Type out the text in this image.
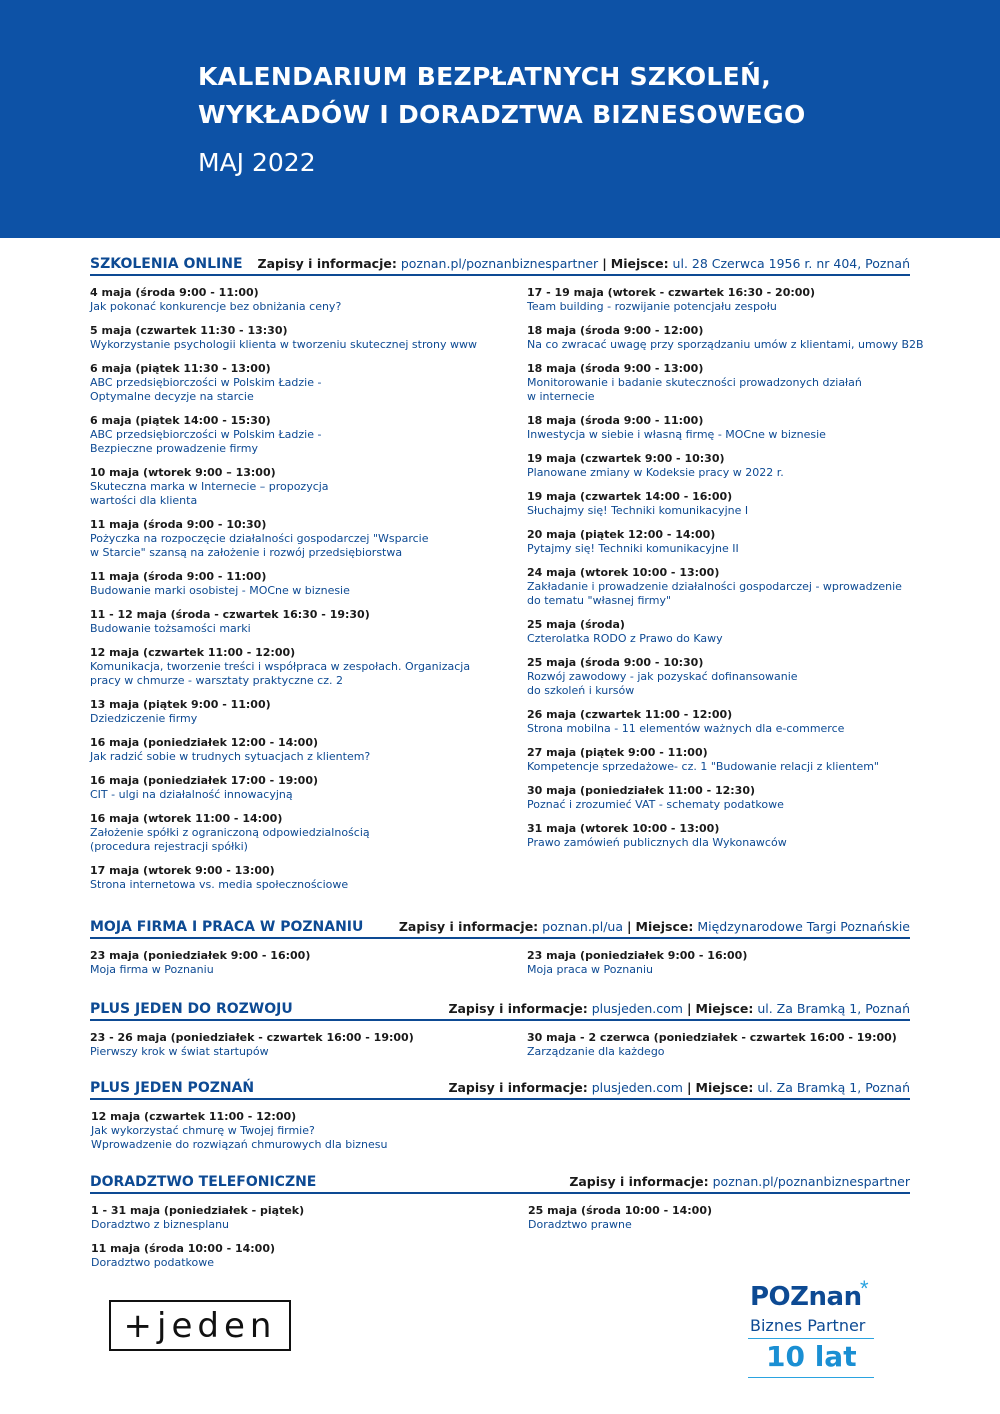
KALENDARIUM BEZPŁATNYCH SZKOLEŃ,
WYKŁADÓW I DORADZTWA BIZNESOWEGO
MAJ 2022
SZKOLENIA ONLINE Zapisy i informacje: poznan.pl/poznanbiznespartner | Miejsce: ul. 28 Czerwca 1956 r. nr 404, Poznań
4 maja (środa 9:00 - 11:00)
Jak pokonać konkurencje bez obniżania ceny?
5 maja (czwartek 11:30 - 13:30)
Wykorzystanie psychologii klienta w tworzeniu skutecznej strony www
6 maja (piątek 11:30 - 13:00)
ABC przedsiębiorczości w Polskim Ładzie -
Optymalne decyzje na starcie
6 maja (piątek 14:00 - 15:30)
ABC przedsiębiorczości w Polskim Ładzie -
Bezpieczne prowadzenie firmy
10 maja (wtorek 9:00 – 13:00)
Skuteczna marka w Internecie – propozycja
wartości dla klienta
11 maja (środa 9:00 - 10:30)
Pożyczka na rozpoczęcie działalności gospodarczej "Wsparcie
w Starcie" szansą na założenie i rozwój przedsiębiorstwa
11 maja (środa 9:00 - 11:00)
Budowanie marki osobistej - MOCne w biznesie
11 - 12 maja (środa - czwartek 16:30 - 19:30)
Budowanie tożsamości marki
12 maja (czwartek 11:00 - 12:00)
Komunikacja, tworzenie treści i współpraca w zespołach. Organizacja
pracy w chmurze - warsztaty praktyczne cz. 2
13 maja (piątek 9:00 - 11:00)
Dziedziczenie firmy
16 maja (poniedziałek 12:00 - 14:00)
Jak radzić sobie w trudnych sytuacjach z klientem?
16 maja (poniedziałek 17:00 - 19:00)
CIT - ulgi na działalność innowacyjną
16 maja (wtorek 11:00 - 14:00)
Założenie spółki z ograniczoną odpowiedzialnością
(procedura rejestracji spółki)
17 maja (wtorek 9:00 - 13:00)
Strona internetowa vs. media społecznościowe
17 - 19 maja (wtorek - czwartek 16:30 - 20:00)
Team building - rozwijanie potencjału zespołu
18 maja (środa 9:00 - 12:00)
Na co zwracać uwagę przy sporządzaniu umów z klientami, umowy B2B
18 maja (środa 9:00 - 13:00)
Monitorowanie i badanie skuteczności prowadzonych działań
w internecie
18 maja (środa 9:00 - 11:00)
Inwestycja w siebie i własną firmę - MOCne w biznesie
19 maja (czwartek 9:00 - 10:30)
Planowane zmiany w Kodeksie pracy w 2022 r.
19 maja (czwartek 14:00 - 16:00)
Słuchajmy się! Techniki komunikacyjne I
20 maja (piątek 12:00 - 14:00)
Pytajmy się! Techniki komunikacyjne II
24 maja (wtorek 10:00 - 13:00)
Zakładanie i prowadzenie działalności gospodarczej - wprowadzenie
do tematu "własnej firmy"
25 maja (środa)
Czterolatka RODO z Prawo do Kawy
25 maja (środa 9:00 - 10:30)
Rozwój zawodowy - jak pozyskać dofinansowanie
do szkoleń i kursów
26 maja (czwartek 11:00 - 12:00)
Strona mobilna - 11 elementów ważnych dla e-commerce
27 maja (piątek 9:00 - 11:00)
Kompetencje sprzedażowe- cz. 1 "Budowanie relacji z klientem"
30 maja (poniedziałek 11:00 - 12:30)
Poznać i zrozumieć VAT - schematy podatkowe
31 maja (wtorek 10:00 - 13:00)
Prawo zamówień publicznych dla Wykonawców
MOJA FIRMA I PRACA W POZNANIU	Zapisy i informacje: poznan.pl/ua | Miejsce: Międzynarodowe Targi Poznańskie
23 maja (poniedziałek 9:00 - 16:00)
Moja firma w Poznaniu
23 maja (poniedziałek 9:00 - 16:00)
Moja praca w Poznaniu
PLUS JEDEN DO ROZWOJU	Zapisy i informacje: plusjeden.com | Miejsce: ul. Za Bramką 1, Poznań
23 - 26 maja (poniedziałek - czwartek 16:00 - 19:00)
Pierwszy krok w świat startupów
30 maja - 2 czerwca (poniedziałek - czwartek 16:00 - 19:00)
Zarządzanie dla każdego
PLUS JEDEN POZNAŃ	Zapisy i informacje: plusjeden.com | Miejsce: ul. Za Bramką 1, Poznań
12 maja (czwartek 11:00 - 12:00)
Jak wykorzystać chmurę w Twojej firmie?
Wprowadzenie do rozwiązań chmurowych dla biznesu
DORADZTWO TELEFONICZNE	Zapisy i informacje: poznan.pl/poznanbiznespartner
1 - 31 maja (poniedziałek - piątek)
Doradztwo z biznesplanu
11 maja (środa 10:00 - 14:00)
Doradztwo podatkowe
25 maja (środa 10:00 - 14:00)
Doradztwo prawne
+jeden
POZnan
*
Biznes Partner
10 lat
